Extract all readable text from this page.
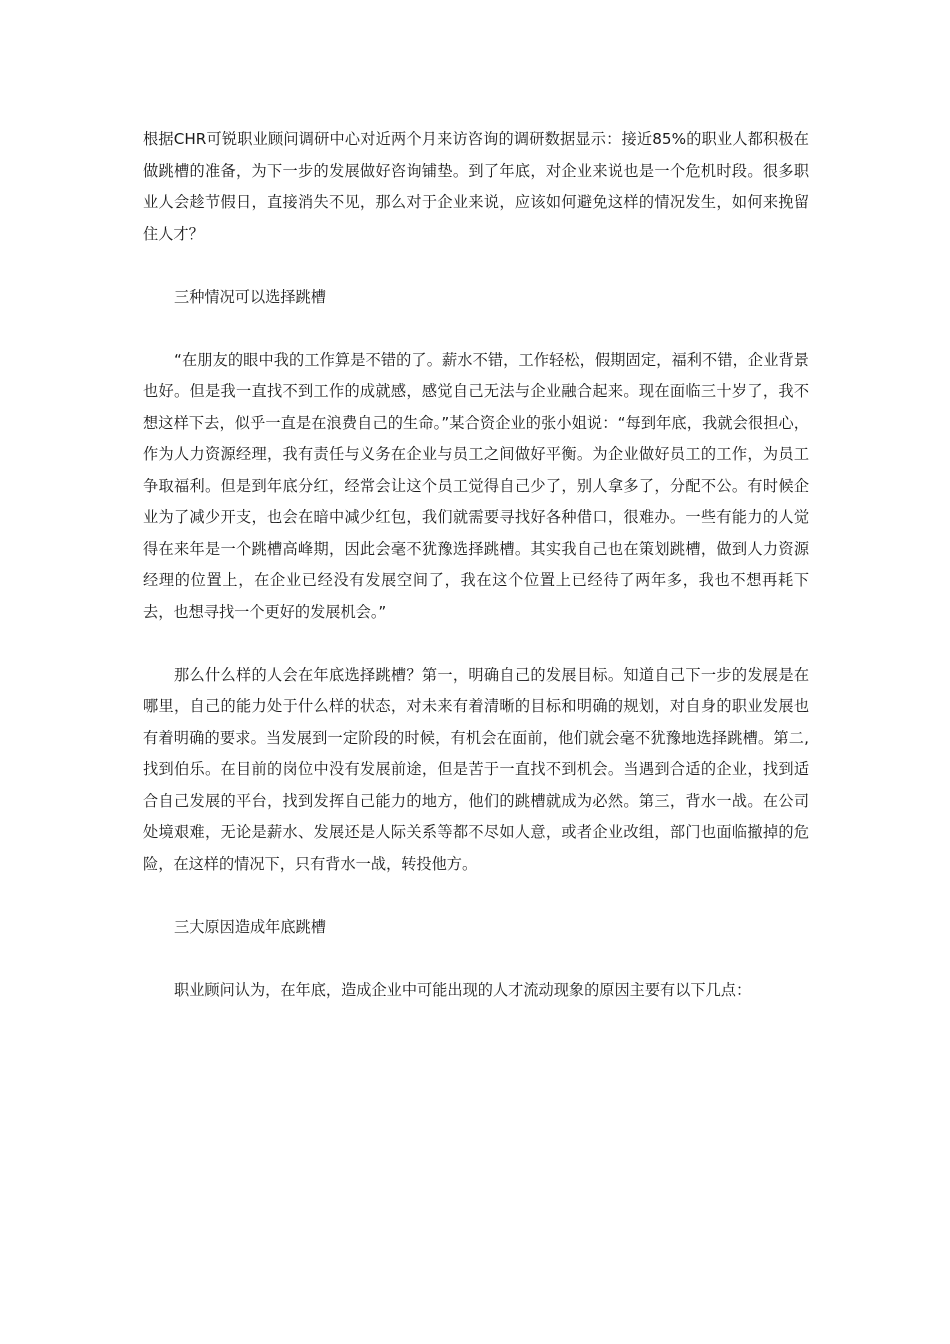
根据CHR可锐职业顾问调研中心对近两个月来访咨询的调研数据显示：接近85%的职业人都积极在做跳槽的准备，为下一步的发展做好咨询铺垫。到了年底，对企业来说也是一个危机时段。很多职业人会趁节假日，直接消失不见，那么对于企业来说，应该如何避免这样的情况发生，如何来挽留住人才？

三种情况可以选择跳槽

“在朋友的眼中我的工作算是不错的了。薪水不错，工作轻松，假期固定，福利不错，企业背景也好。但是我一直找不到工作的成就感，感觉自己无法与企业融合起来。现在面临三十岁了，我不想这样下去，似乎一直是在浪费自己的生命。”某合资企业的张小姐说：“每到年底，我就会很担心，作为人力资源经理，我有责任与义务在企业与员工之间做好平衡。为企业做好员工的工作，为员工争取福利。但是到年底分红，经常会让这个员工觉得自己少了，别人拿多了，分配不公。有时候企业为了减少开支，也会在暗中减少红包，我们就需要寻找好各种借口，很难办。一些有能力的人觉得在来年是一个跳槽高峰期，因此会毫不犹豫选择跳槽。其实我自己也在策划跳槽，做到人力资源经理的位置上，在企业已经没有发展空间了，我在这个位置上已经待了两年多，我也不想再耗下去，也想寻找一个更好的发展机会。”

那么什么样的人会在年底选择跳槽？第一，明确自己的发展目标。知道自己下一步的发展是在哪里，自己的能力处于什么样的状态，对未来有着清晰的目标和明确的规划，对自身的职业发展也有着明确的要求。当发展到一定阶段的时候，有机会在面前，他们就会毫不犹豫地选择跳槽。第二,找到伯乐。在目前的岗位中没有发展前途，但是苦于一直找不到机会。当遇到合适的企业，找到适合自己发展的平台，找到发挥自己能力的地方，他们的跳槽就成为必然。第三，背水一战。在公司处境艰难，无论是薪水、发展还是人际关系等都不尽如人意，或者企业改组，部门也面临撤掉的危险，在这样的情况下，只有背水一战，转投他方。

三大原因造成年底跳槽

职业顾问认为，在年底，造成企业中可能出现的人才流动现象的原因主要有以下几点：
